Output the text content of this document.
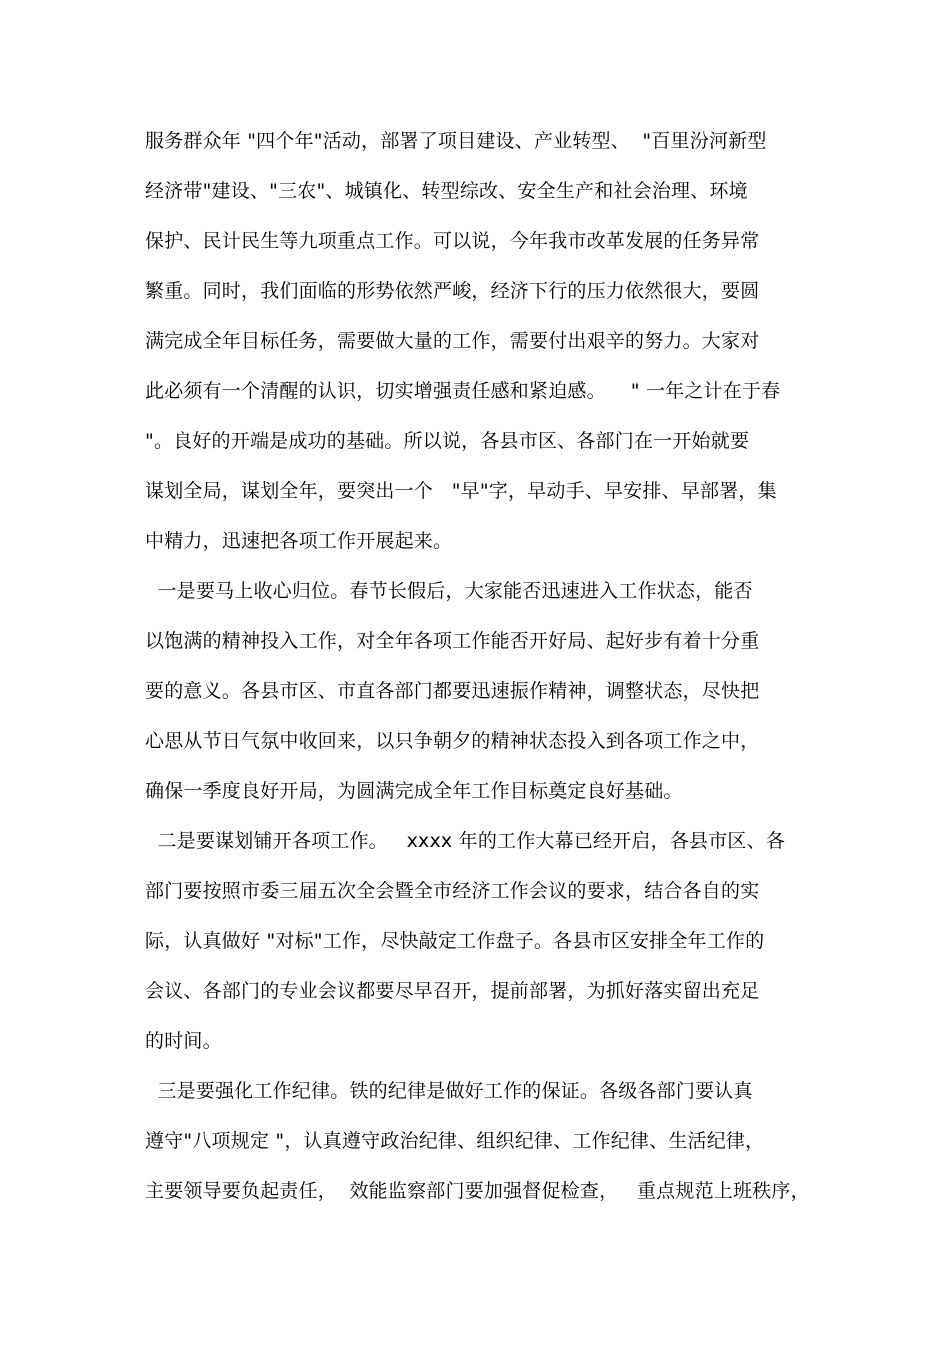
服务群众年 "四个年"活动，部署了项目建设、产业转型、  "百里汾河新型
经济带"建设、"三农"、城镇化、转型综改、安全生产和社会治理、环境
保护、民计民生等九项重点工作。可以说，今年我市改革发展的任务异常
繁重。同时，我们面临的形势依然严峻，经济下行的压力依然很大，要圆
满完成全年目标任务，需要做大量的工作，需要付出艰辛的努力。大家对
此必须有一个清醒的认识，切实增强责任感和紧迫感。    " 一年之计在于春
"。良好的开端是成功的基础。所以说，各县市区、各部门在一开始就要
谋划全局，谋划全年，要突出一个   "早"字，早动手、早安排、早部署，集
中精力，迅速把各项工作开展起来。
一是要马上收心归位。春节长假后，大家能否迅速进入工作状态，能否
以饱满的精神投入工作，对全年各项工作能否开好局、起好步有着十分重
要的意义。各县市区、市直各部门都要迅速振作精神，调整状态，尽快把
心思从节日气氛中收回来，以只争朝夕的精神状态投入到各项工作之中，
确保一季度良好开局，为圆满完成全年工作目标奠定良好基础。
二是要谋划铺开各项工作。   xxxx 年的工作大幕已经开启，各县市区、各
部门要按照市委三届五次全会暨全市经济工作会议的要求，结合各自的实
际，认真做好 "对标"工作，尽快敲定工作盘子。各县市区安排全年工作的
会议、各部门的专业会议都要尽早召开，提前部署，为抓好落实留出充足
的时间。
三是要强化工作纪律。铁的纪律是做好工作的保证。各级各部门要认真
遵守"八项规定 "，认真遵守政治纪律、组织纪律、工作纪律、生活纪律，
主要领导要负起责任，  效能监察部门要加强督促检查，   重点规范上班秩序，
